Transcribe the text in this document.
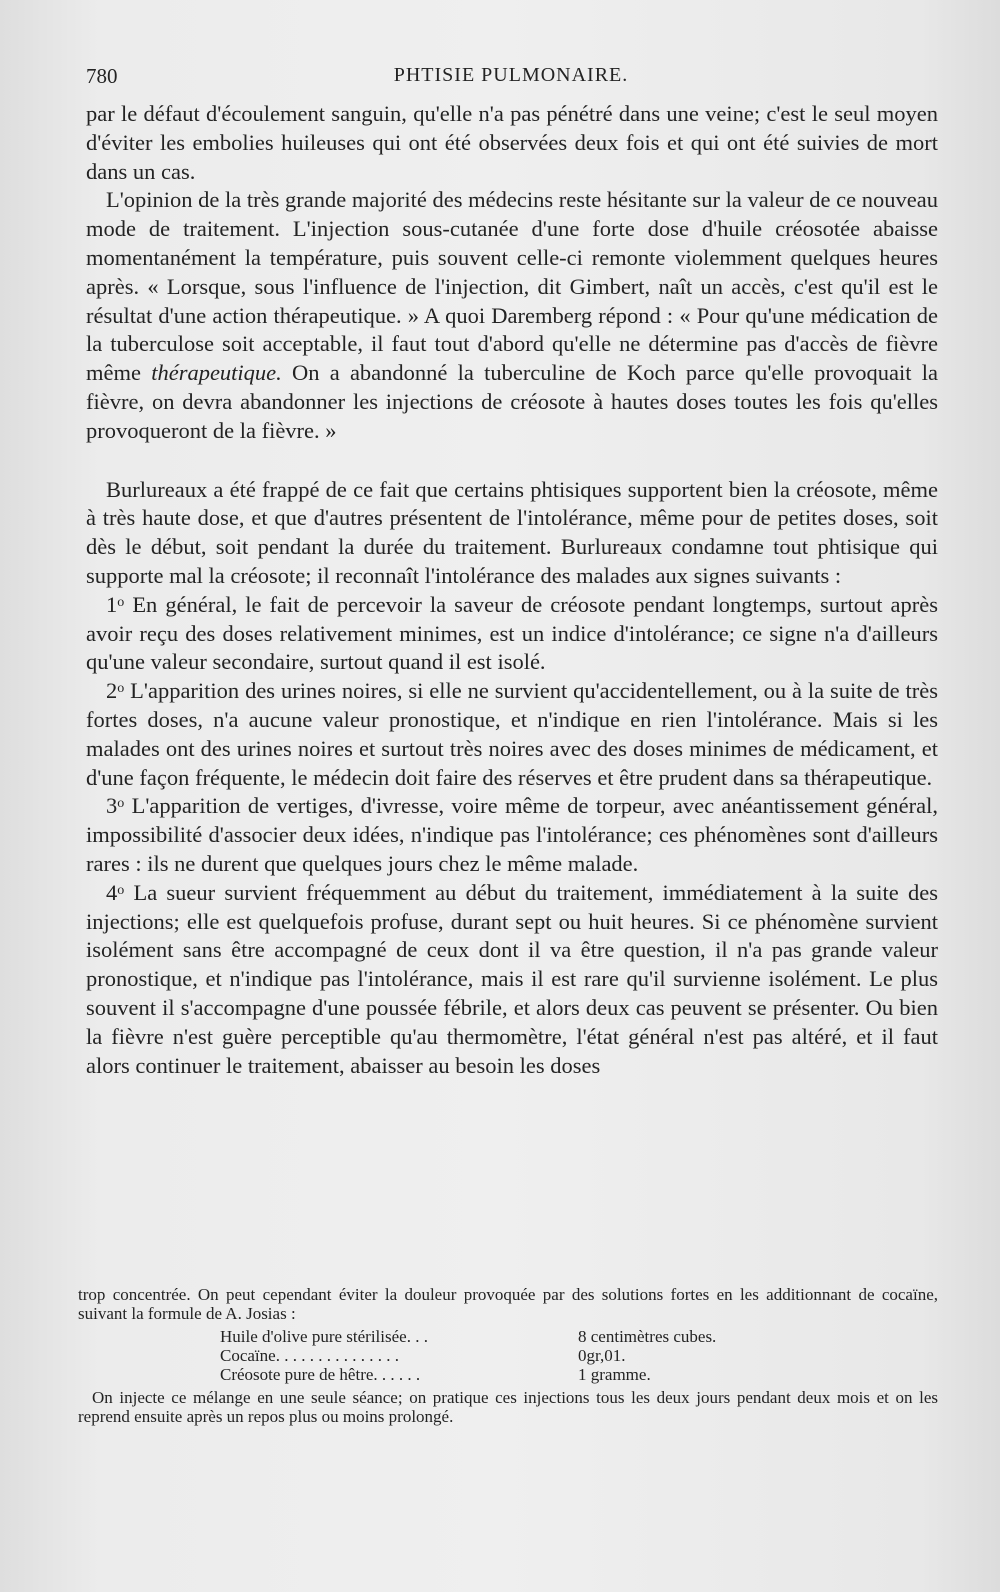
780	PHTISIE PULMONAIRE.

par le défaut d'écoulement sanguin, qu'elle n'a pas pénétré dans une veine; c'est le seul moyen d'éviter les embolies huileuses qui ont été observées deux fois et qui ont été suivies de mort dans un cas.

L'opinion de la très grande majorité des médecins reste hésitante sur la valeur de ce nouveau mode de traitement. L'injection sous-cutanée d'une forte dose d'huile créosotée abaisse momentanément la température, puis souvent celle-ci remonte violemment quelques heures après. « Lorsque, sous l'influence de l'injection, dit Gimbert, naît un accès, c'est qu'il est le résultat d'une action thérapeutique. » A quoi Daremberg répond : « Pour qu'une médication de la tuberculose soit acceptable, il faut tout d'abord qu'elle ne détermine pas d'accès de fièvre même thérapeutique. On a abandonné la tuberculine de Koch parce qu'elle provoquait la fièvre, on devra abandonner les injections de créosote à hautes doses toutes les fois qu'elles provoqueront de la fièvre. »

Burlureaux a été frappé de ce fait que certains phtisiques supportent bien la créosote, même à très haute dose, et que d'autres présentent de l'intolérance, même pour de petites doses, soit dès le début, soit pendant la durée du traitement. Burlureaux condamne tout phtisique qui supporte mal la créosote; il reconnaît l'intolérance des malades aux signes suivants :

1$^o$ En général, le fait de percevoir la saveur de créosote pendant longtemps, surtout après avoir reçu des doses relativement minimes, est un indice d'intolérance; ce signe n'a d'ailleurs qu'une valeur secondaire, surtout quand il est isolé.

2$^o$ L'apparition des urines noires, si elle ne survient qu'accidentellement, ou à la suite de très fortes doses, n'a aucune valeur pronostique, et n'indique en rien l'intolérance. Mais si les malades ont des urines noires et surtout très noires avec des doses minimes de médicament, et d'une façon fréquente, le médecin doit faire des réserves et être prudent dans sa thérapeutique.

3$^o$ L'apparition de vertiges, d'ivresse, voire même de torpeur, avec anéantissement général, impossibilité d'associer deux idées, n'indique pas l'intolérance; ces phénomènes sont d'ailleurs rares : ils ne durent que quelques jours chez le même malade.

4$^o$ La sueur survient fréquemment au début du traitement, immédiatement à la suite des injections; elle est quelquefois profuse, durant sept ou huit heures. Si ce phénomène survient isolément sans être accompagné de ceux dont il va être question, il n'a pas grande valeur pronostique, et n'indique pas l'intolérance, mais il est rare qu'il survienne isolément. Le plus souvent il s'accompagne d'une poussée fébrile, et alors deux cas peuvent se présenter. Ou bien la fièvre n'est guère perceptible qu'au thermomètre, l'état général n'est pas altéré, et il faut alors continuer le traitement, abaisser au besoin les doses

trop concentrée. On peut cependant éviter la douleur provoquée par des solutions fortes en les additionnant de cocaïne, suivant la formule de A. Josias :

Huile d'olive pure stérilisée. . .	8 centimètres cubes.
Cocaïne. . . . . . . . . . . . . . .	0gr,01.
Créosote pure de hêtre. . . . . .	1 gramme.

On injecte ce mélange en une seule séance; on pratique ces injections tous les deux jours pendant deux mois et on les reprend ensuite après un repos plus ou moins prolongé.
